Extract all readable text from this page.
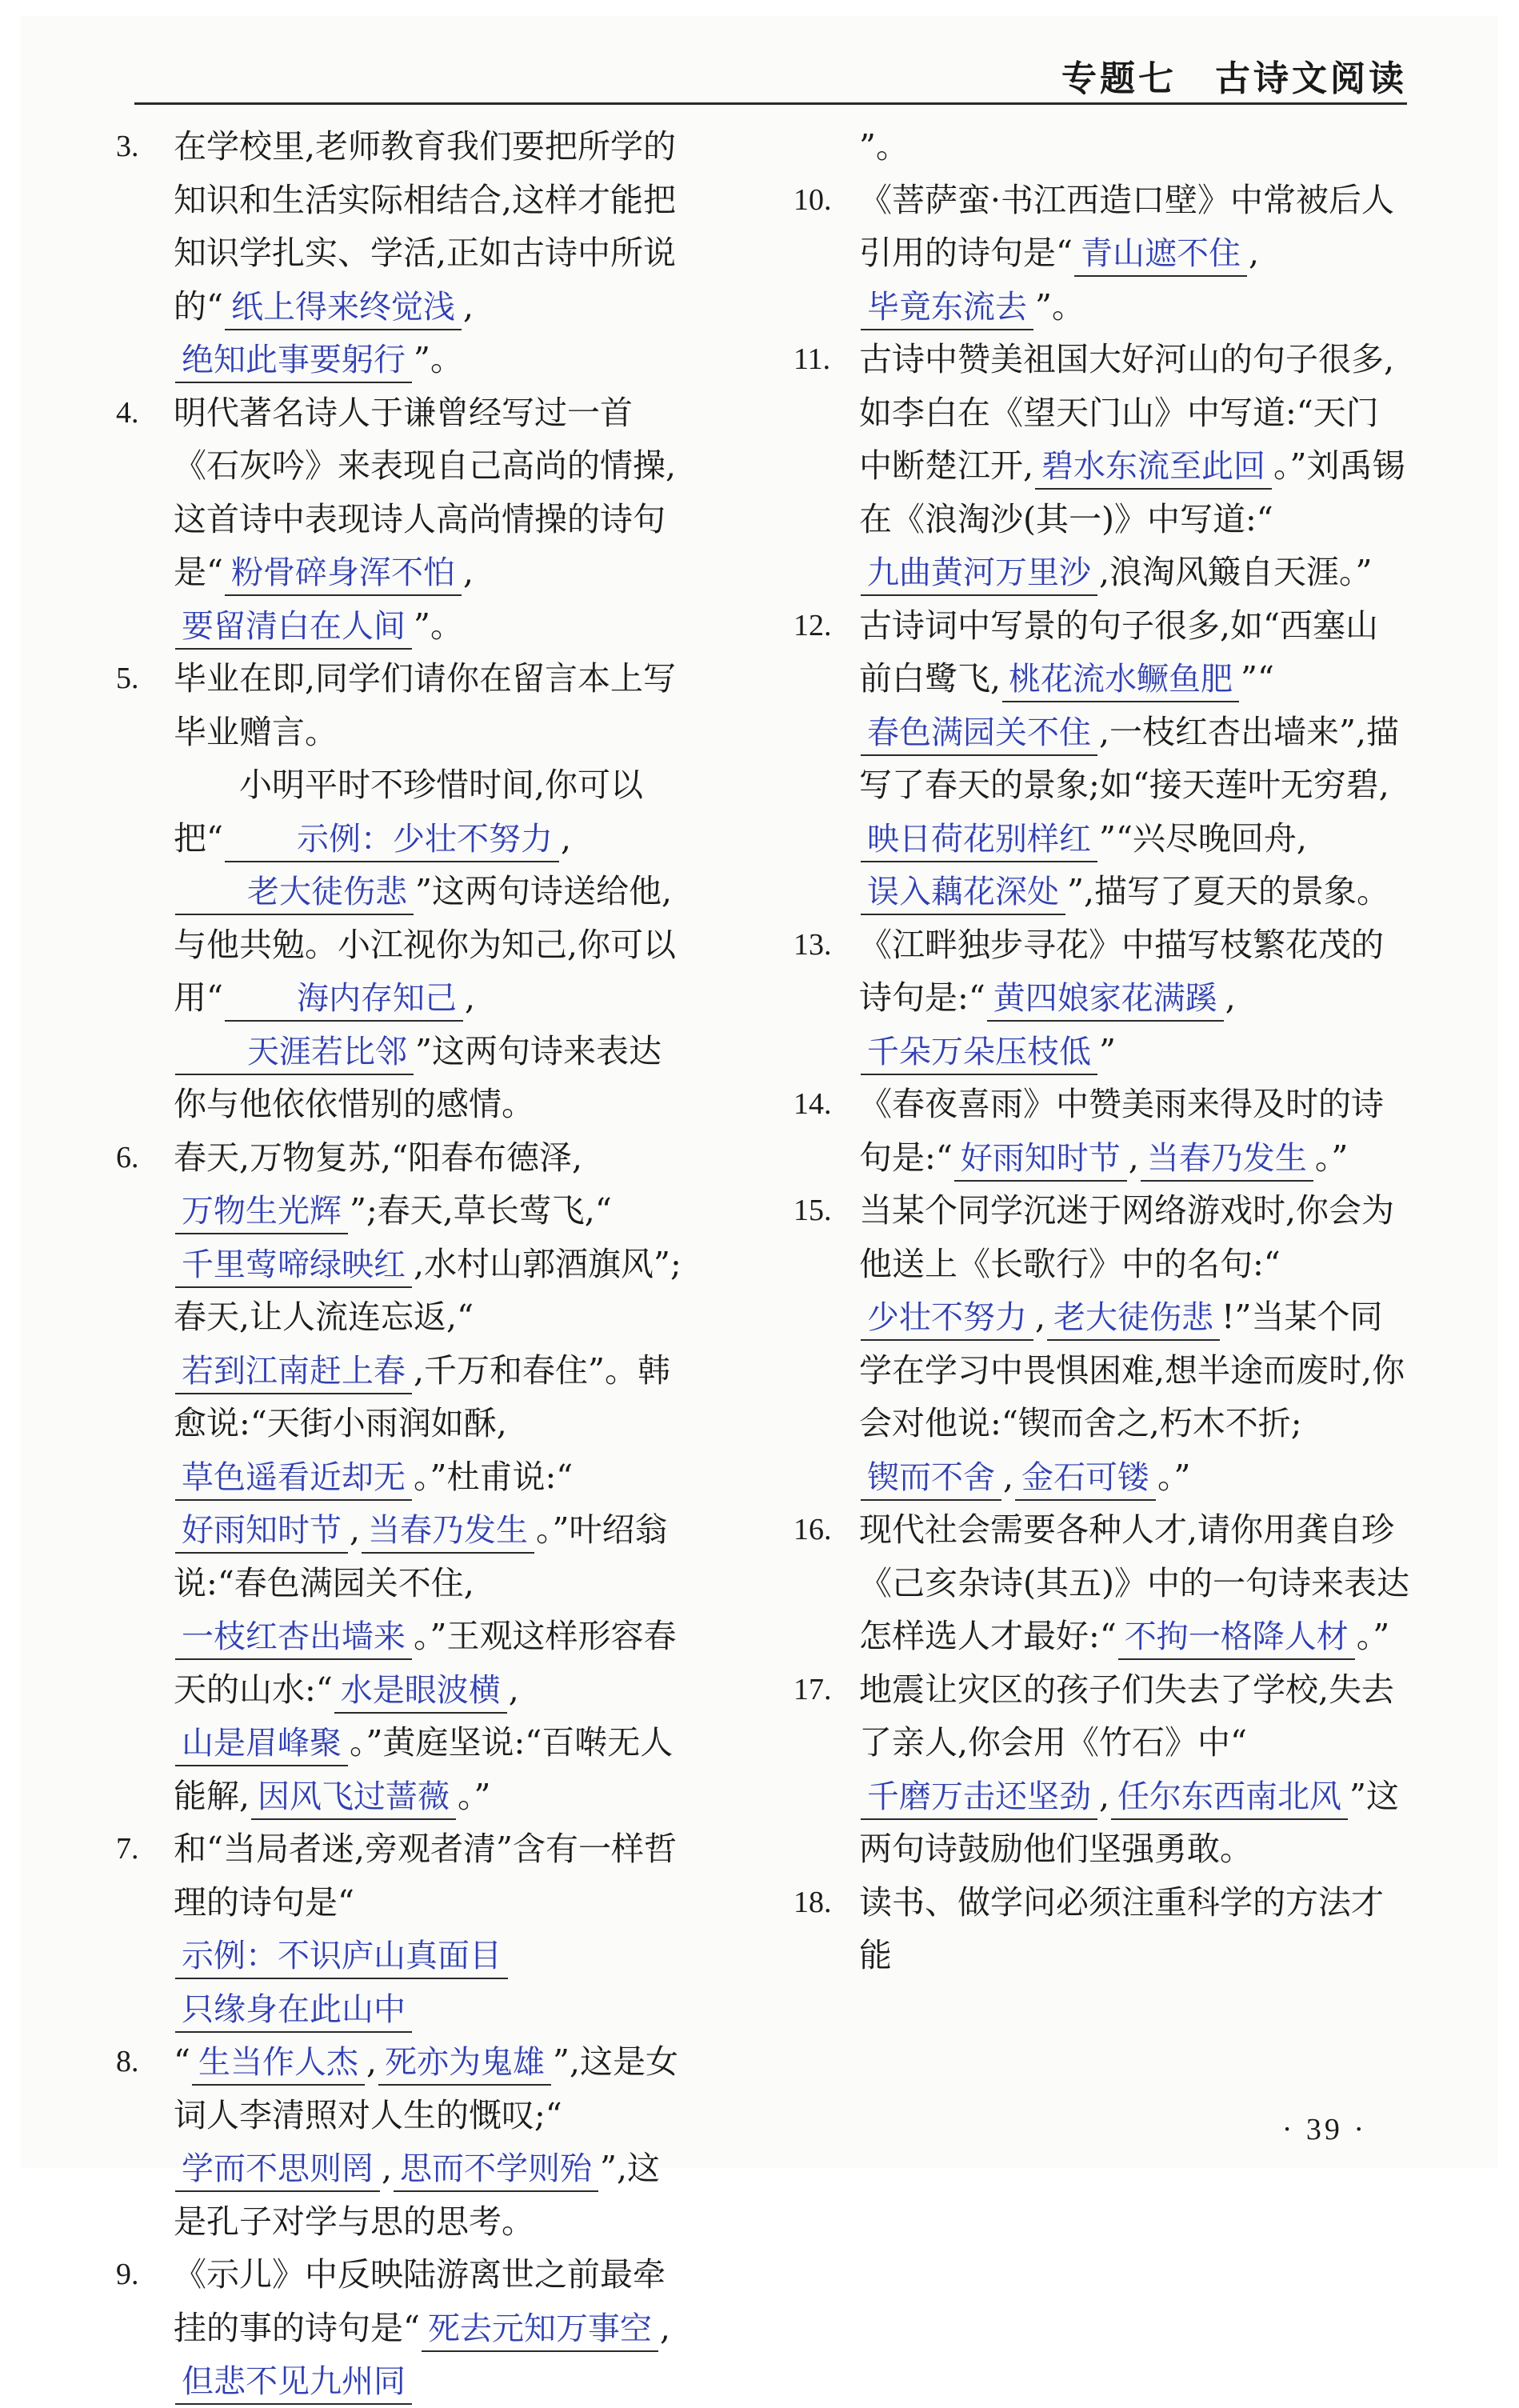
专题七　古诗文阅读
3. 在学校里,老师教育我们要把所学的知识和生活实际相结合,这样才能把知识学扎实、学活,正如古诗中所说的“ 纸上得来终觉浅 ,绝知此事要躬行 ”。
4. 明代著名诗人于谦曾经写过一首《石灰吟》来表现自己高尚的情操,这首诗中表现诗人高尚情操的诗句是“ 粉骨碎身浑不怕 ,要留清白在人间 ”。
5. 毕业在即,同学们请你在留言本上写毕业赠言。
小明平时不珍惜时间,你可以把“ 示例：少壮不努力 ,老大徒伤悲 ”这两句诗送给他,与他共勉。小江视你为知己,你可以用“ 海内存知己 ,天涯若比邻 ”这两句诗来表达你与他依依惜别的感情。
6. 春天,万物复苏,“阳春布德泽,万物生光辉 ”;春天,草长莺飞,“千里莺啼绿映红 ,水村山郭酒旗风”;春天,让人流连忘返,“若到江南赶上春 ,千万和春住”。韩愈说:“天街小雨润如酥,草色遥看近却无 。”杜甫说:“好雨知时节 , 当春乃发生 。”叶绍翁说:“春色满园关不住,一枝红杏出墙来 。”王观这样形容春天的山水:“ 水是眼波横 ,山是眉峰聚 。”黄庭坚说:“百啭无人能解, 因风飞过蔷薇 。”
7. 和“当局者迷,旁观者清”含有一样哲理的诗句是“示例：不识庐山真面目只缘身在此山中
8. “ 生当作人杰 , 死亦为鬼雄 ”,这是女词人李清照对人生的慨叹;“学而不思则罔 , 思而不学则殆 ”,这是孔子对学与思的思考。
9. 《示儿》中反映陆游离世之前最牵挂的事的诗句是“ 死去元知万事空 ,但悲不见九州同
”。
10. 《菩萨蛮·书江西造口壁》中常被后人引用的诗句是“ 青山遮不住 ,毕竟东流去 ”。
11. 古诗中赞美祖国大好河山的句子很多,如李白在《望天门山》中写道:“天门中断楚江开, 碧水东流至此回 。”刘禹锡在《浪淘沙(其一)》中写道:“九曲黄河万里沙 ,浪淘风簸自天涯。”
12. 古诗词中写景的句子很多,如“西塞山前白鹭飞, 桃花流水鳜鱼肥 ”“春色满园关不住 ,一枝红杏出墙来”,描写了春天的景象;如“接天莲叶无穷碧,映日荷花别样红 ”“兴尽晚回舟,误入藕花深处 ”,描写了夏天的景象。
13. 《江畔独步寻花》中描写枝繁花茂的诗句是:“ 黄四娘家花满蹊 ,千朵万朵压枝低 ”
14. 《春夜喜雨》中赞美雨来得及时的诗句是:“ 好雨知时节 , 当春乃发生 。”
15. 当某个同学沉迷于网络游戏时,你会为他送上《长歌行》中的名句:“少壮不努力 , 老大徒伤悲 !”当某个同学在学习中畏惧困难,想半途而废时,你会对他说:“锲而舍之,朽木不折;锲而不舍 , 金石可镂 。”
16. 现代社会需要各种人才,请你用龚自珍《己亥杂诗(其五)》中的一句诗来表达怎样选人才最好:“ 不拘一格降人材 。”
17. 地震让灾区的孩子们失去了学校,失去了亲人,你会用《竹石》中“千磨万击还坚劲 , 任尔东西南北风 ”这两句诗鼓励他们坚强勇敢。
18. 读书、做学问必须注重科学的方法才能
· 39 ·
